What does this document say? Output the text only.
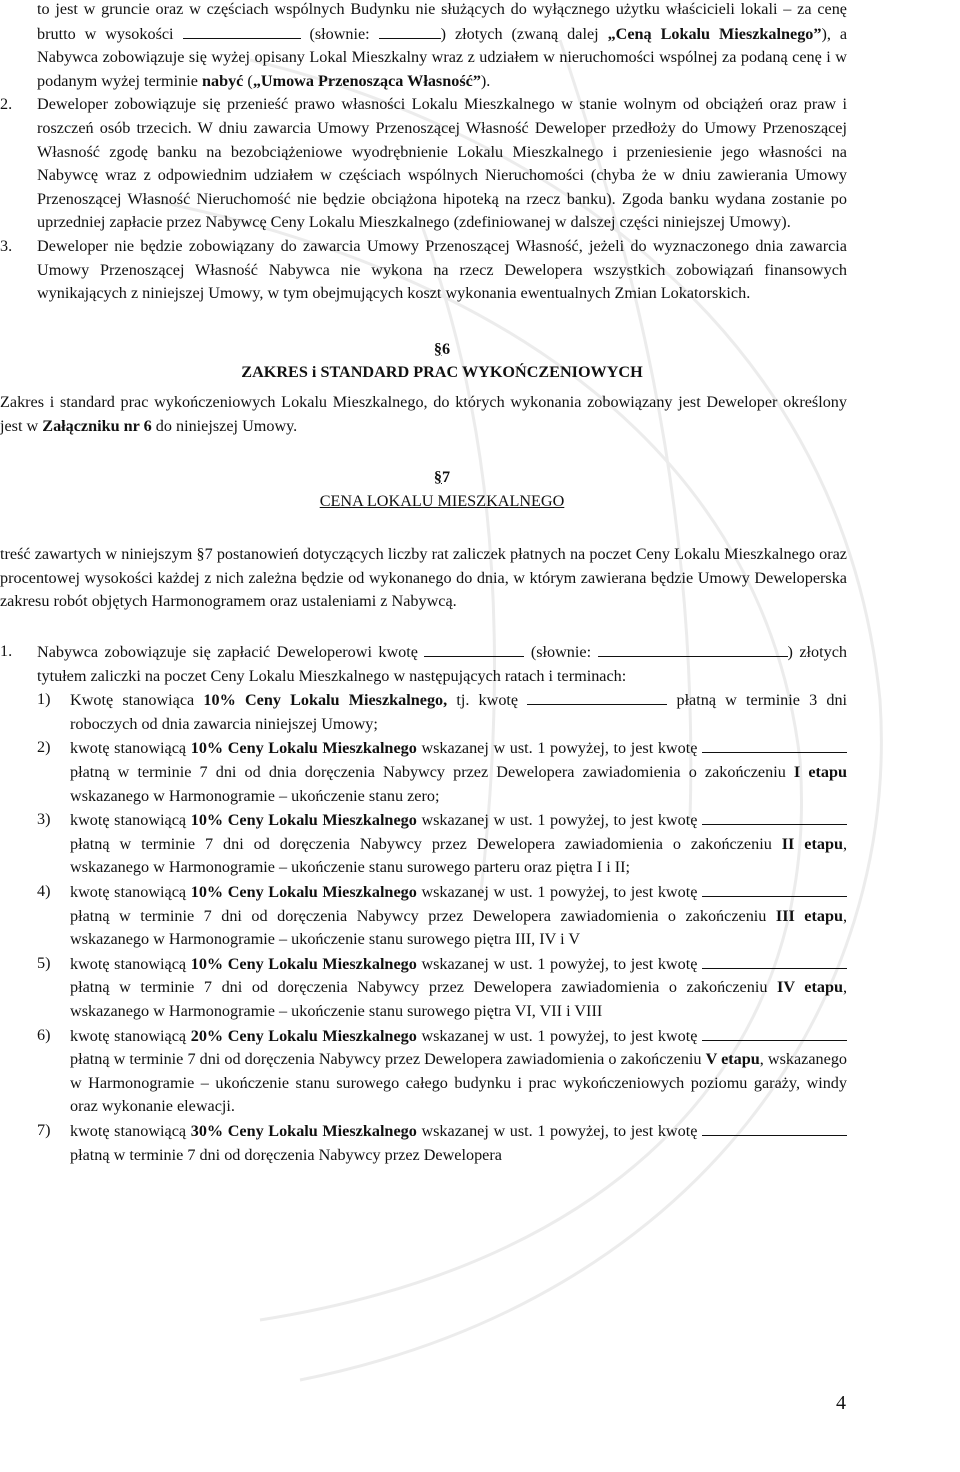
to jest w gruncie oraz w częściach wspólnych Budynku nie służących do wyłącznego użytku właścicieli lokali – za cenę brutto w wysokości	(słownie:	) złotych (zwaną dalej „Ceną Lokalu Mieszkalnego”), a Nabywca zobowiązuje się wyżej opisany Lokal Mieszkalny wraz z udziałem w nieruchomości wspólnej za podaną cenę i w podanym wyżej terminie nabyć („Umowa Przenosząca Własność”).

2.	Deweloper zobowiązuje się przenieść prawo własności Lokalu Mieszkalnego w stanie wolnym od obciążeń oraz praw i roszczeń osób trzecich. W dniu zawarcia Umowy Przenoszącej Własność Deweloper przedłoży do Umowy Przenoszącej Własność zgodę banku na bezobciążeniowe wyodrębnienie Lokalu Mieszkalnego i przeniesienie jego własności na Nabywcę wraz z odpowiednim udziałem w częściach wspólnych Nieruchomości (chyba że w dniu zawierania Umowy Przenoszącej Własność Nieruchomość nie będzie obciążona hipoteką na rzecz banku). Zgoda banku wydana zostanie po uprzedniej zapłacie przez Nabywcę Ceny Lokalu Mieszkalnego (zdefiniowanej w dalszej części niniejszej Umowy).
3.	Deweloper nie będzie zobowiązany do zawarcia Umowy Przenoszącej Własność, jeżeli do wyznaczonego dnia zawarcia Umowy Przenoszącej Własność Nabywca nie wykona na rzecz Dewelopera wszystkich zobowiązań finansowych wynikających z niniejszej Umowy, w tym obejmujących koszt wykonania ewentualnych Zmian Lokatorskich.

§6

ZAKRES i STANDARD PRAC WYKOŃCZENIOWYCH

Zakres i standard prac wykończeniowych Lokalu Mieszkalnego, do których wykonania zobowiązany jest Deweloper określony jest w Załączniku nr 6 do niniejszej Umowy.

§7

CENA LOKALU MIESZKALNEGO

treść zawartych w niniejszym §7 postanowień dotyczących liczby rat zaliczek płatnych na poczet Ceny Lokalu Mieszkalnego oraz procentowej wysokości każdej z nich zależna będzie od wykonanego do dnia, w którym zawierana będzie Umowy Deweloperska zakresu robót objętych Harmonogramem oraz ustaleniami z Nabywcą.

1.	Nabywca zobowiązuje się zapłacić Deweloperowi kwotę	(słownie:	) złotych tytułem zaliczki na poczet Ceny Lokalu Mieszkalnego w następujących ratach i terminach:
1)	Kwotę stanowiąca 10% Ceny Lokalu Mieszkalnego, tj. kwotę	płatną w terminie 3 dni roboczych od dnia zawarcia niniejszej Umowy;
2)	kwotę stanowiącą 10% Ceny Lokalu Mieszkalnego wskazanej w ust. 1 powyżej, to jest kwotę  płatną w terminie 7 dni od dnia doręczenia Nabywcy przez Dewelopera zawiadomienia o zakończeniu I etapu wskazanego w Harmonogramie – ukończenie stanu zero;
3)	kwotę stanowiącą 10% Ceny Lokalu Mieszkalnego wskazanej w ust. 1 powyżej, to jest kwotę  płatną w terminie 7 dni od doręczenia Nabywcy przez Dewelopera zawiadomienia o zakończeniu II etapu, wskazanego w Harmonogramie – ukończenie stanu surowego parteru oraz piętra I i II;
4)	kwotę stanowiącą 10% Ceny Lokalu Mieszkalnego wskazanej w ust. 1 powyżej, to jest kwotę  płatną w terminie 7 dni od doręczenia Nabywcy przez Dewelopera zawiadomienia o zakończeniu III etapu, wskazanego w Harmonogramie – ukończenie stanu surowego piętra III, IV i V
5)	kwotę stanowiącą 10% Ceny Lokalu Mieszkalnego wskazanej w ust. 1 powyżej, to jest kwotę  płatną w terminie 7 dni od doręczenia Nabywcy przez Dewelopera zawiadomienia o zakończeniu IV etapu, wskazanego w Harmonogramie – ukończenie stanu surowego piętra VI, VII i VIII
6)	kwotę stanowiącą 20% Ceny Lokalu Mieszkalnego wskazanej w ust. 1 powyżej, to jest kwotę  płatną w terminie 7 dni od doręczenia Nabywcy przez Dewelopera zawiadomienia o zakończeniu V etapu, wskazanego w Harmonogramie – ukończenie stanu surowego całego budynku i prac wykończeniowych poziomu garaży, windy oraz wykonanie elewacji.
7)	kwotę stanowiącą 30% Ceny Lokalu Mieszkalnego wskazanej w ust. 1 powyżej, to jest kwotę  płatną w terminie 7 dni od doręczenia Nabywcy przez Dewelopera
4
